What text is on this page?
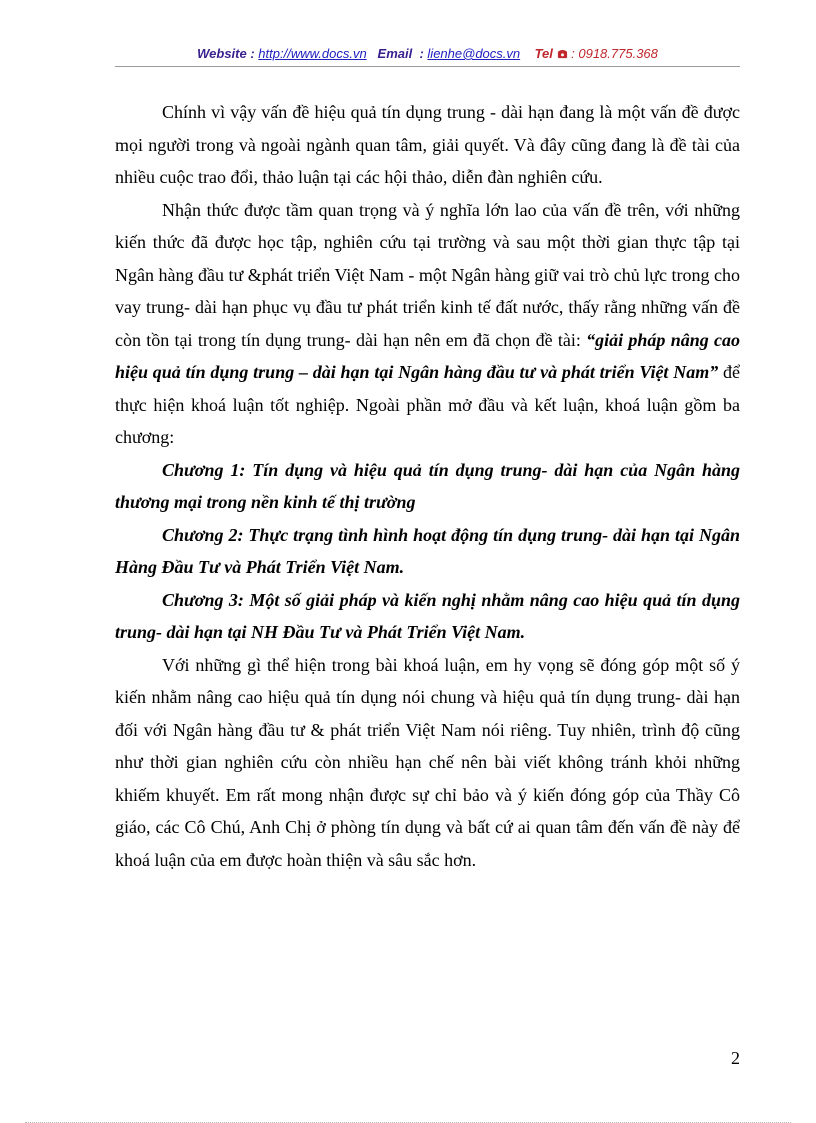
Website : http://www.docs.vn Email : lienhe@docs.vn Tel : 0918.775.368

Chính vì vậy vấn đề hiệu quả tín dụng trung - dài hạn đang là một vấn đề được mọi người trong và ngoài ngành quan tâm, giải quyết. Và đây cũng đang là đề tài của nhiều cuộc trao đổi, thảo luận tại các hội thảo, diễn đàn nghiên cứu.

Nhận thức được tầm quan trọng và ý nghĩa lớn lao của vấn đề trên, với những kiến thức đã được học tập, nghiên cứu tại trường và sau một thời gian thực tập tại Ngân hàng đầu tư &phát triển Việt Nam - một Ngân hàng giữ vai trò chủ lực trong cho vay trung- dài hạn phục vụ đầu tư phát triển kinh tế đất nước, thấy rằng những vấn đề còn tồn tại trong tín dụng trung- dài hạn nên em đã chọn đề tài: “giải pháp nâng cao hiệu quả tín dụng trung – dài hạn tại Ngân hàng đầu tư và phát triển Việt Nam” để thực hiện khoá luận tốt nghiệp. Ngoài phần mở đầu và kết luận, khoá luận gồm ba chương:

Chương 1: Tín dụng và hiệu quả tín dụng trung- dài hạn của Ngân hàng thương mại trong nền kinh tế thị trường

Chương 2: Thực trạng tình hình hoạt động tín dụng trung- dài hạn tại Ngân Hàng Đầu Tư và Phát Triển Việt Nam.

Chương 3: Một số giải pháp và kiến nghị nhằm nâng cao hiệu quả tín dụng trung- dài hạn tại NH Đầu Tư và Phát Triển Việt Nam.

Với những gì thể hiện trong bài khoá luận, em hy vọng sẽ đóng góp một số ý kiến nhằm nâng cao hiệu quả tín dụng nói chung và hiệu quả tín dụng trung- dài hạn đối với Ngân hàng đầu tư & phát triển Việt Nam nói riêng. Tuy nhiên, trình độ cũng như thời gian nghiên cứu còn nhiều hạn chế nên bài viết không tránh khỏi những khiếm khuyết. Em rất mong nhận được sự chỉ bảo và ý kiến đóng góp của Thầy Cô giáo, các Cô Chú, Anh Chị ở phòng tín dụng và bất cứ ai quan tâm đến vấn đề này để khoá luận của em được hoàn thiện và sâu sắc hơn.

2
